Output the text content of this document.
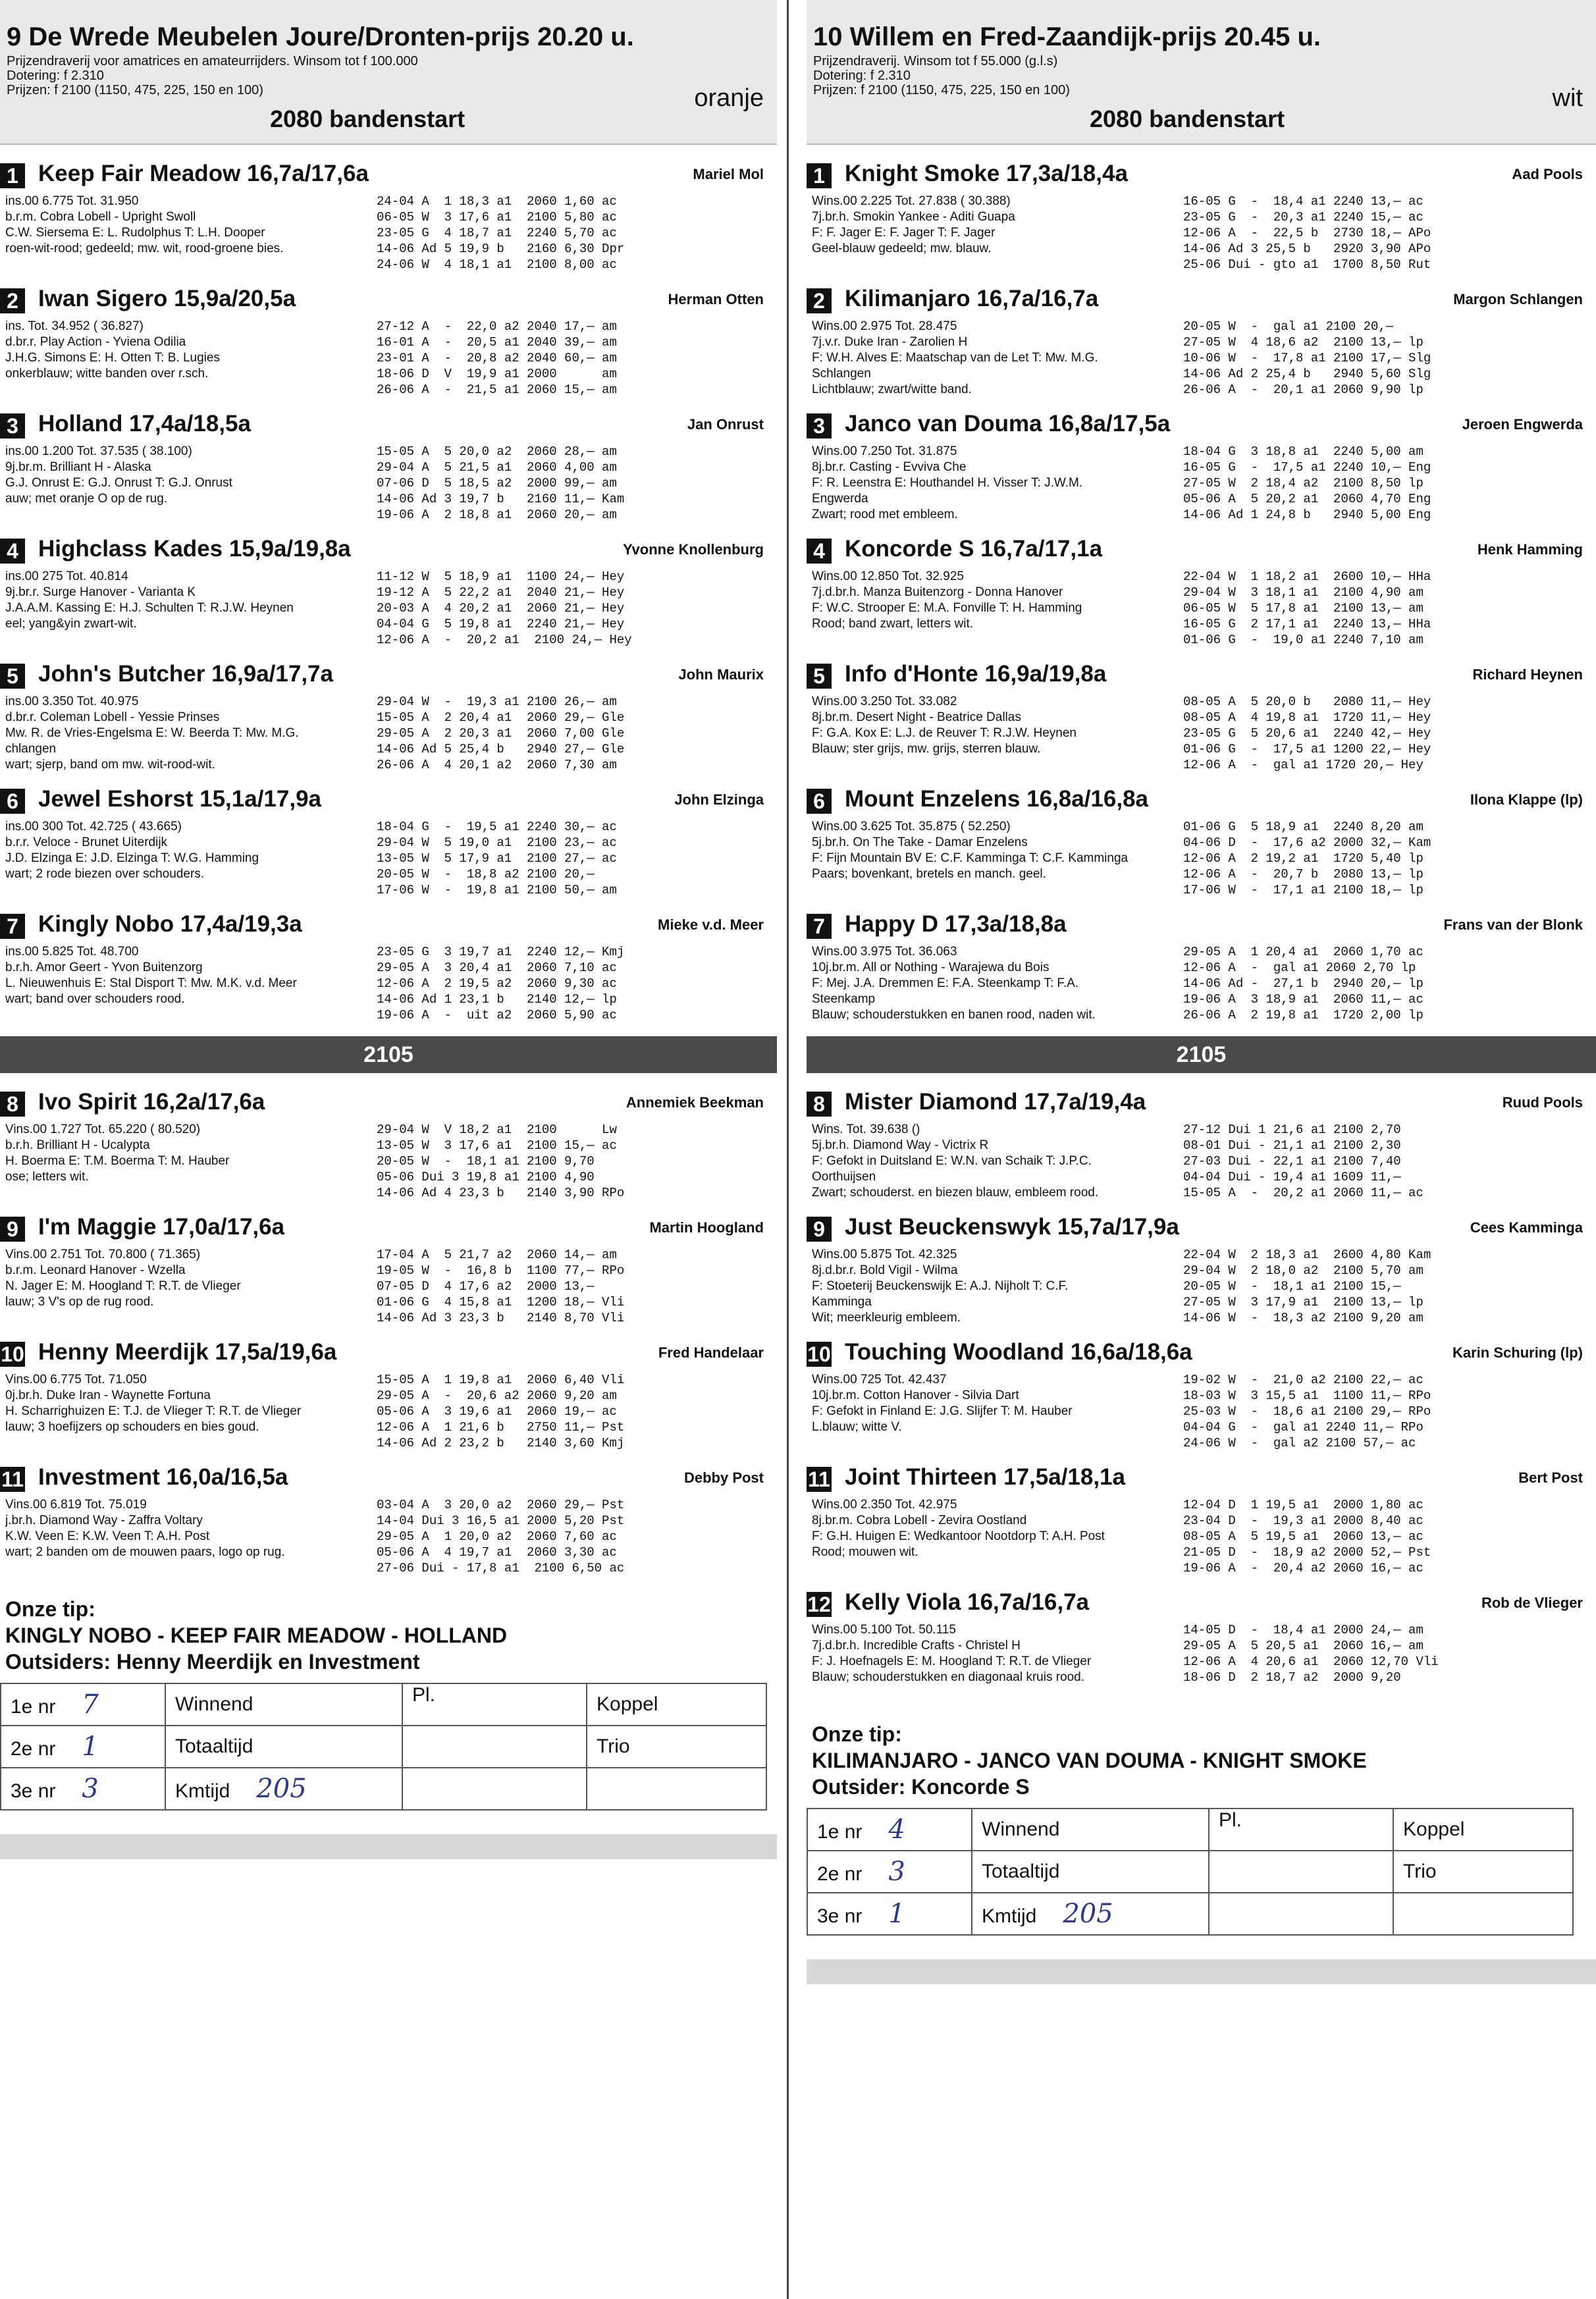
9 De Wrede Meubelen Joure/Dronten-prijs 20.20 u.
Prijzendraverij voor amatrices en amateurrijders. Winsom tot f 100.000
Dotering: f 2.310
Prijzen: f 2100 (1150, 475, 225, 150 en 100)	oranje
2080 bandenstart
1 Keep Fair Meadow 16,7a/17,6a	Mariel Mol
ins.00 6.775 Tot. 31.950
b.r.m. Cobra Lobell - Upright Swoll
C.W. Siersema E: L. Rudolphus T: L.H. Dooper
roen-wit-rood; gedeeld; mw. wit, rood-groene bies.
24-04 A  1 18,3 a1  2060 1,60 ac
06-05 W  3 17,6 a1  2100 5,80 ac
23-05 G  4 18,7 a1  2240 5,70 ac
14-06 Ad 5 19,9 b   2160 6,30 Dpr
24-06 W  4 18,1 a1  2100 8,00 ac
2 Iwan Sigero 15,9a/20,5a	Herman Otten
ins. Tot. 34.952 ( 36.827)
d.br.r. Play Action - Yviena Odilia
J.H.G. Simons E: H. Otten T: B. Lugies
onkerblauw; witte banden over r.sch.
27-12 A  -  22,0 a2 2040 17,— am
16-01 A  -  20,5 a1 2040 39,— am
23-01 A  -  20,8 a2 2040 60,— am
18-06 D  V  19,9 a1 2000      am
26-06 A  -  21,5 a1 2060 15,— am
3 Holland 17,4a/18,5a	Jan Onrust
ins.00 1.200 Tot. 37.535 ( 38.100)
9j.br.m. Brilliant H - Alaska
G.J. Onrust E: G.J. Onrust T: G.J. Onrust
auw; met oranje O op de rug.
15-05 A  5 20,0 a2  2060 28,— am
29-04 A  5 21,5 a1  2060 4,00 am
07-06 D  5 18,5 a2  2000 99,— am
14-06 Ad 3 19,7 b   2160 11,— Kam
19-06 A  2 18,8 a1  2060 20,— am
4 Highclass Kades 15,9a/19,8a	Yvonne Knollenburg
ins.00 275 Tot. 40.814
9j.br.r. Surge Hanover - Varianta K
J.A.A.M. Kassing E: H.J. Schulten T: R.J.W. Heynen
eel; yang&yin zwart-wit.
11-12 W  5 18,9 a1  1100 24,— Hey
19-12 A  5 22,2 a1  2040 21,— Hey
20-03 A  4 20,2 a1  2060 21,— Hey
04-04 G  5 19,8 a1  2240 21,— Hey
12-06 A  -  20,2 a1  2100 24,— Hey
5 John's Butcher 16,9a/17,7a	John Maurix
ins.00 3.350 Tot. 40.975
d.br.r. Coleman Lobell - Yessie Prinses
Mw. R. de Vries-Engelsma E: W. Beerda T: Mw. M.G.
chlangen
wart; sjerp, band om mw. wit-rood-wit.
29-04 W  -  19,3 a1 2100 26,— am
15-05 A  2 20,4 a1  2060 29,— Gle
29-05 A  2 20,3 a1  2060 7,00 Gle
14-06 Ad 5 25,4 b   2940 27,— Gle
26-06 A  4 20,1 a2  2060 7,30 am
6 Jewel Eshorst 15,1a/17,9a	John Elzinga
ins.00 300 Tot. 42.725 ( 43.665)
b.r.r. Veloce - Brunet Uiterdijk
J.D. Elzinga E: J.D. Elzinga T: W.G. Hamming
wart; 2 rode biezen over schouders.
18-04 G  -  19,5 a1 2240 30,— ac
29-04 W  5 19,0 a1  2100 23,— ac
13-05 W  5 17,9 a1  2100 27,— ac
20-05 W  -  18,8 a2 2100 20,—
17-06 W  -  19,8 a1 2100 50,— am
7 Kingly Nobo 17,4a/19,3a	Mieke v.d. Meer
ins.00 5.825 Tot. 48.700
b.r.h. Amor Geert - Yvon Buitenzorg
L. Nieuwenhuis E: Stal Disport T: Mw. M.K. v.d. Meer
wart; band over schouders rood.
23-05 G  3 19,7 a1  2240 12,— Kmj
29-05 A  3 20,4 a1  2060 7,10 ac
12-06 A  2 19,5 a2  2060 9,30 ac
14-06 Ad 1 23,1 b   2140 12,— lp
19-06 A  -  uit a2  2060 5,90 ac
2105
8 Ivo Spirit 16,2a/17,6a	Annemiek Beekman
Vins.00 1.727 Tot. 65.220 ( 80.520)
b.r.h. Brilliant H - Ucalypta
H. Boerma E: T.M. Boerma T: M. Hauber
ose; letters wit.
29-04 W  V 18,2 a1  2100      Lw
13-05 W  3 17,6 a1  2100 15,— ac
20-05 W  -  18,1 a1 2100 9,70
05-06 Dui 3 19,8 a1 2100 4,90
14-06 Ad 4 23,3 b   2140 3,90 RPo
9 I'm Maggie 17,0a/17,6a	Martin Hoogland
Vins.00 2.751 Tot. 70.800 ( 71.365)
b.r.m. Leonard Hanover - Wzella
N. Jager E: M. Hoogland T: R.T. de Vlieger
lauw; 3 V's op de rug rood.
17-04 A  5 21,7 a2  2060 14,— am
19-05 W  -  16,8 b  1100 77,— RPo
07-05 D  4 17,6 a2  2000 13,—
01-06 G  4 15,8 a1  1200 18,— Vli
14-06 Ad 3 23,3 b   2140 8,70 Vli
10 Henny Meerdijk 17,5a/19,6a	Fred Handelaar
Vins.00 6.775 Tot. 71.050
0j.br.h. Duke Iran - Waynette Fortuna
H. Scharrighuizen E: T.J. de Vlieger T: R.T. de Vlieger
lauw; 3 hoefijzers op schouders en bies goud.
15-05 A  1 19,8 a1  2060 6,40 Vli
29-05 A  -  20,6 a2 2060 9,20 am
05-06 A  3 19,6 a1  2060 19,— ac
12-06 A  1 21,6 b   2750 11,— Pst
14-06 Ad 2 23,2 b   2140 3,60 Kmj
11 Investment 16,0a/16,5a	Debby Post
Vins.00 6.819 Tot. 75.019
j.br.h. Diamond Way - Zaffra Voltary
K.W. Veen E: K.W. Veen T: A.H. Post
wart; 2 banden om de mouwen paars, logo op rug.
03-04 A  3 20,0 a2  2060 29,— Pst
14-04 Dui 3 16,5 a1 2000 5,20 Pst
29-05 A  1 20,0 a2  2060 7,60 ac
05-06 A  4 19,7 a1  2060 3,30 ac
27-06 Dui - 17,8 a1  2100 6,50 ac
Onze tip:
KINGLY NOBO - KEEP FAIR MEADOW - HOLLAND
Outsiders: Henny Meerdijk en Investment
1e nr 7	Winnend	Pl.	Koppel
2e nr 1	Totaaltijd		Trio
3e nr 3	Kmtijd 205		
10 Willem en Fred-Zaandijk-prijs 20.45 u.
Prijzendraverij. Winsom tot f 55.000 (g.l.s)
Dotering: f 2.310
Prijzen: f 2100 (1150, 475, 225, 150 en 100)	wit
2080 bandenstart
1 Knight Smoke 17,3a/18,4a	Aad Pools
Wins.00 2.225 Tot. 27.838 ( 30.388)
7j.br.h. Smokin Yankee - Aditi Guapa
F: F. Jager E: F. Jager T: F. Jager
Geel-blauw gedeeld; mw. blauw.
16-05 G  -  18,4 a1 2240 13,— ac
23-05 G  -  20,3 a1 2240 15,— ac
12-06 A  -  22,5 b  2730 18,— APo
14-06 Ad 3 25,5 b   2920 3,90 APo
25-06 Dui - gto a1  1700 8,50 Rut
2 Kilimanjaro 16,7a/16,7a	Margon Schlangen
Wins.00 2.975 Tot. 28.475
7j.v.r. Duke Iran - Zarolien H
F: W.H. Alves E: Maatschap van de Let T: Mw. M.G.
Schlangen
Lichtblauw; zwart/witte band.
20-05 W  -  gal a1 2100 20,—
27-05 W  4 18,6 a2  2100 13,— lp
10-06 W  -  17,8 a1 2100 17,— Slg
14-06 Ad 2 25,4 b   2940 5,60 Slg
26-06 A  -  20,1 a1 2060 9,90 lp
3 Janco van Douma 16,8a/17,5a	Jeroen Engwerda
Wins.00 7.250 Tot. 31.875
8j.br.r. Casting - Evviva Che
F: R. Leenstra E: Houthandel H. Visser T: J.W.M.
Engwerda
Zwart; rood met embleem.
18-04 G  3 18,8 a1  2240 5,00 am
16-05 G  -  17,5 a1 2240 10,— Eng
27-05 W  2 18,4 a2  2100 8,50 lp
05-06 A  5 20,2 a1  2060 4,70 Eng
14-06 Ad 1 24,8 b   2940 5,00 Eng
4 Koncorde S 16,7a/17,1a	Henk Hamming
Wins.00 12.850 Tot. 32.925
7j.d.br.h. Manza Buitenzorg - Donna Hanover
F: W.C. Strooper E: M.A. Fonville T: H. Hamming
Rood; band zwart, letters wit.
22-04 W  1 18,2 a1  2600 10,— HHa
29-04 W  3 18,1 a1  2100 4,90 am
06-05 W  5 17,8 a1  2100 13,— am
16-05 G  2 17,1 a1  2240 13,— HHa
01-06 G  -  19,0 a1 2240 7,10 am
5 Info d'Honte 16,9a/19,8a	Richard Heynen
Wins.00 3.250 Tot. 33.082
8j.br.m. Desert Night - Beatrice Dallas
F: G.A. Kox E: L.J. de Reuver T: R.J.W. Heynen
Blauw; ster grijs, mw. grijs, sterren blauw.
08-05 A  5 20,0 b   2080 11,— Hey
08-05 A  4 19,8 a1  1720 11,— Hey
23-05 G  5 20,6 a1  2240 42,— Hey
01-06 G  -  17,5 a1 1200 22,— Hey
12-06 A  -  gal a1 1720 20,— Hey
6 Mount Enzelens 16,8a/16,8a	Ilona Klappe (lp)
Wins.00 3.625 Tot. 35.875 ( 52.250)
5j.br.h. On The Take - Damar Enzelens
F: Fijn Mountain BV E: C.F. Kamminga T: C.F. Kamminga
Paars; bovenkant, bretels en manch. geel.
01-06 G  5 18,9 a1  2240 8,20 am
04-06 D  -  17,6 a2 2000 32,— Kam
12-06 A  2 19,2 a1  1720 5,40 lp
12-06 A  -  20,7 b  2080 13,— lp
17-06 W  -  17,1 a1 2100 18,— lp
7 Happy D 17,3a/18,8a	Frans van der Blonk
Wins.00 3.975 Tot. 36.063
10j.br.m. All or Nothing - Warajewa du Bois
F: Mej. J.A. Dremmen E: F.A. Steenkamp T: F.A.
Steenkamp
Blauw; schouderstukken en banen rood, naden wit.
29-05 A  1 20,4 a1  2060 1,70 ac
12-06 A  -  gal a1 2060 2,70 lp
14-06 Ad -  27,1 b  2940 20,— lp
19-06 A  3 18,9 a1  2060 11,— ac
26-06 A  2 19,8 a1  1720 2,00 lp
2105
8 Mister Diamond 17,7a/19,4a	Ruud Pools
Wins. Tot. 39.638 ()
5j.br.h. Diamond Way - Victrix R
F: Gefokt in Duitsland E: W.N. van Schaik T: J.P.C.
Oorthuijsen
Zwart; schouderst. en biezen blauw, embleem rood.
27-12 Dui 1 21,6 a1 2100 2,70
08-01 Dui - 21,1 a1 2100 2,30
27-03 Dui - 22,1 a1 2100 7,40
04-04 Dui - 19,4 a1 1609 11,—
15-05 A  -  20,2 a1 2060 11,— ac
9 Just Beuckenswyk 15,7a/17,9a	Cees Kamminga
Wins.00 5.875 Tot. 42.325
8j.d.br.r. Bold Vigil - Wilma
F: Stoeterij Beuckenswijk E: A.J. Nijholt T: C.F.
Kamminga
Wit; meerkleurig embleem.
22-04 W  2 18,3 a1  2600 4,80 Kam
29-04 W  2 18,0 a2  2100 5,70 am
20-05 W  -  18,1 a1 2100 15,—
27-05 W  3 17,9 a1  2100 13,— lp
14-06 W  -  18,3 a2 2100 9,20 am
10 Touching Woodland 16,6a/18,6a	Karin Schuring (lp)
Wins.00 725 Tot. 42.437
10j.br.m. Cotton Hanover - Silvia Dart
F: Gefokt in Finland E: J.G. Slijfer T: M. Hauber
L.blauw; witte V.
19-02 W  -  21,0 a2 2100 22,— ac
18-03 W  3 15,5 a1  1100 11,— RPo
25-03 W  -  18,6 a1 2100 29,— RPo
04-04 G  -  gal a1 2240 11,— RPo
24-06 W  -  gal a2 2100 57,— ac
11 Joint Thirteen 17,5a/18,1a	Bert Post
Wins.00 2.350 Tot. 42.975
8j.br.m. Cobra Lobell - Zevira Oostland
F: G.H. Huigen E: Wedkantoor Nootdorp T: A.H. Post
Rood; mouwen wit.
12-04 D  1 19,5 a1  2000 1,80 ac
23-04 D  -  19,3 a1 2000 8,40 ac
08-05 A  5 19,5 a1  2060 13,— ac
21-05 D  -  18,9 a2 2000 52,— Pst
19-06 A  -  20,4 a2 2060 16,— ac
12 Kelly Viola 16,7a/16,7a	Rob de Vlieger
Wins.00 5.100 Tot. 50.115
7j.d.br.h. Incredible Crafts - Christel H
F: J. Hoefnagels E: M. Hoogland T: R.T. de Vlieger
Blauw; schouderstukken en diagonaal kruis rood.
14-05 D  -  18,4 a1 2000 24,— am
29-05 A  5 20,5 a1  2060 16,— am
12-06 A  4 20,6 a1  2060 12,70 Vli
18-06 D  2 18,7 a2  2000 9,20
Onze tip:
KILIMANJARO - JANCO VAN DOUMA - KNIGHT SMOKE
Outsider: Koncorde S
1e nr 4	Winnend	Pl.	Koppel
2e nr 3	Totaaltijd		Trio
3e nr 1	Kmtijd 205		
